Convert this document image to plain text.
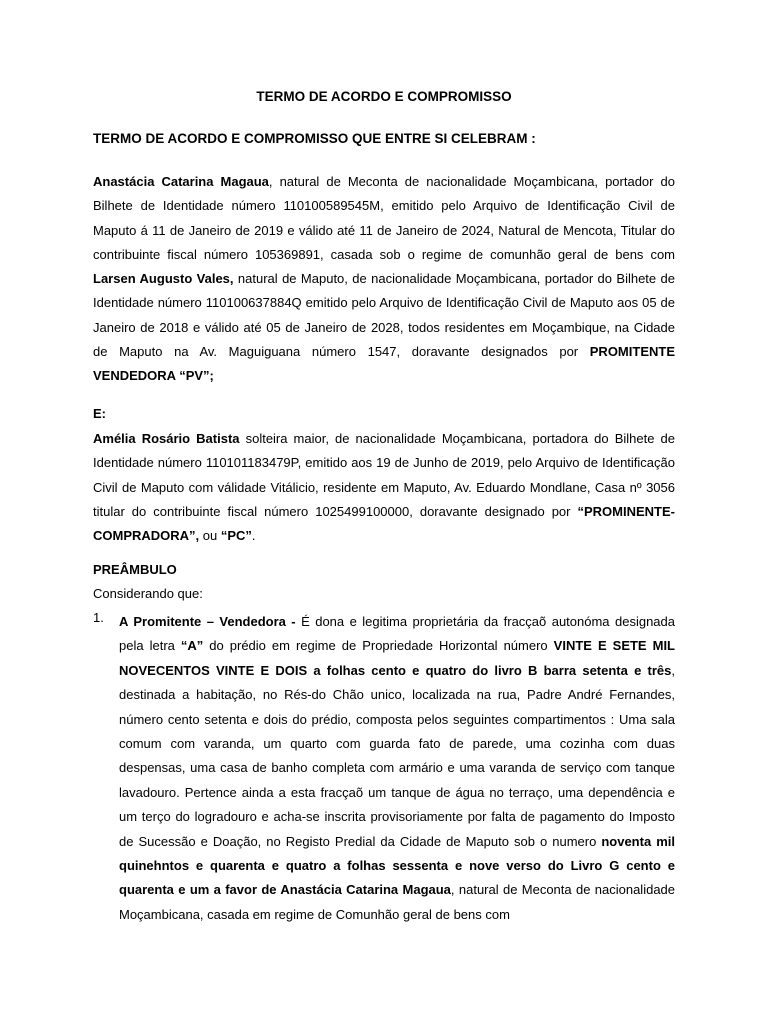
TERMO DE ACORDO E COMPROMISSO
TERMO DE ACORDO E COMPROMISSO QUE ENTRE SI CELEBRAM :
Anastácia Catarina Magaua, natural de Meconta de nacionalidade Moçambicana, portador do Bilhete de Identidade número 110100589545M, emitido pelo Arquivo de Identificação Civil de Maputo á 11 de Janeiro de 2019 e válido até 11 de Janeiro de 2024, Natural de Mencota, Titular do contribuinte fiscal número 105369891, casada sob o regime de comunhão geral de bens com Larsen Augusto Vales, natural de Maputo, de nacionalidade Moçambicana, portador do Bilhete de Identidade número 110100637884Q emitido pelo Arquivo de Identificação Civil de Maputo aos 05 de Janeiro de 2018 e válido até 05 de Janeiro de 2028, todos residentes em Moçambique, na Cidade de Maputo na Av. Maguiguana número 1547, doravante designados por PROMITENTE VENDEDORA “PV”;
E:
Amélia Rosário Batista solteira maior, de nacionalidade Moçambicana, portadora do Bilhete de Identidade número 110101183479P, emitido aos 19 de Junho de 2019, pelo Arquivo de Identificação Civil de Maputo com válidade Vitálicio, residente em Maputo, Av. Eduardo Mondlane, Casa nº 3056 titular do contribuinte fiscal número 1025499100000, doravante designado por “PROMINENTE-COMPRADORA”, ou “PC”.
PREÂMBULO
Considerando que:
1. A Promitente – Vendedora - É dona e legitima proprietária da fracçaõ autonóma designada pela letra “A” do prédio em regime de Propriedade Horizontal número VINTE E SETE MIL NOVECENTOS VINTE E DOIS a folhas cento e quatro do livro B barra setenta e três, destinada a habitação, no Rés-do Chão unico, localizada na rua, Padre André Fernandes, número cento setenta e dois do prédio, composta pelos seguintes compartimentos : Uma sala comum com varanda, um quarto com guarda fato de parede, uma cozinha com duas despensas, uma casa de banho completa com armário e uma varanda de serviço com tanque lavadouro. Pertence ainda a esta fracçaõ um tanque de água no terraço, uma dependência e um terço do logradouro e acha-se inscrita provisoriamente por falta de pagamento do Imposto de Sucessão e Doação, no Registo Predial da Cidade de Maputo sob o numero noventa mil quinehntos e quarenta e quatro a folhas sessenta e nove verso do Livro G cento e quarenta e um a favor de Anastácia Catarina Magaua, natural de Meconta de nacionalidade Moçambicana, casada em regime de Comunhão geral de bens com
